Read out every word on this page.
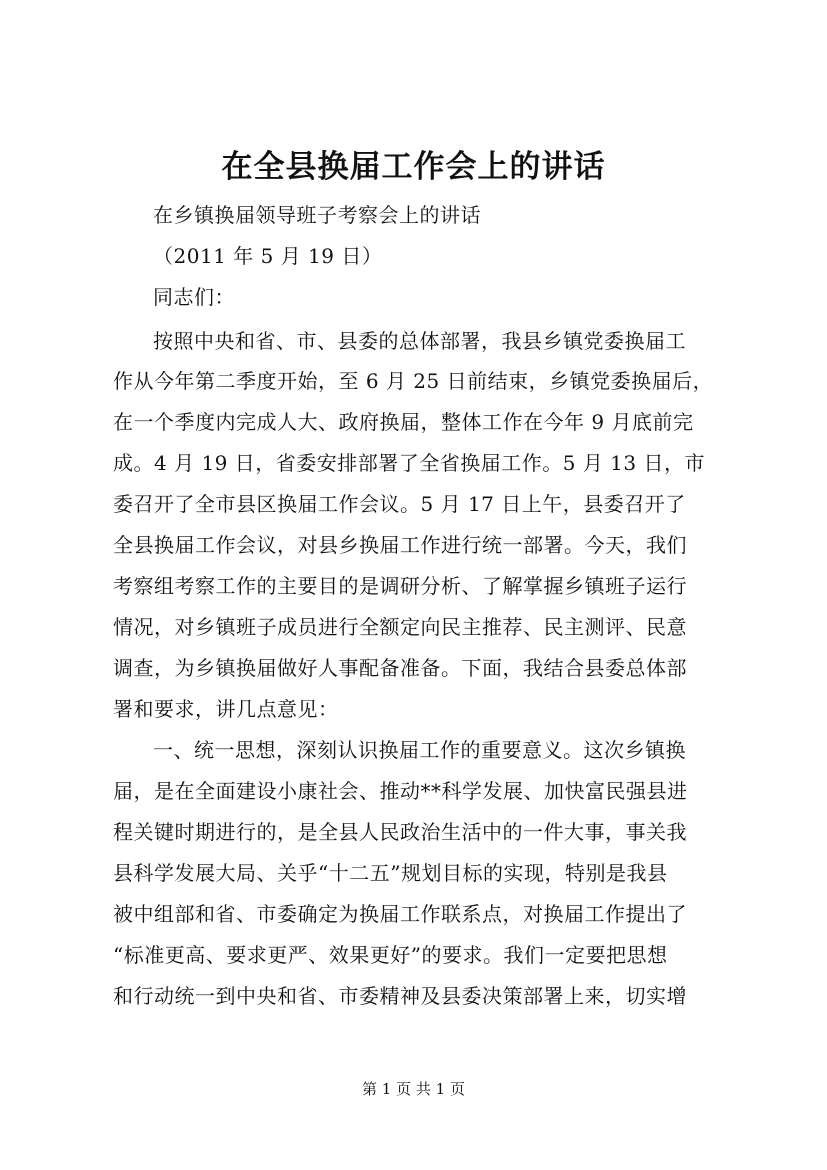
在全县换届工作会上的讲话
在乡镇换届领导班子考察会上的讲话
（2011 年 5 月 19 日）
同志们：
按照中央和省、市、县委的总体部署，我县乡镇党委换届工
作从今年第二季度开始，至 6 月 25 日前结束，乡镇党委换届后，
在一个季度内完成人大、政府换届，整体工作在今年 9 月底前完
成。4 月 19 日，省委安排部署了全省换届工作。5 月 13 日，市
委召开了全市县区换届工作会议。5 月 17 日上午，县委召开了
全县换届工作会议，对县乡换届工作进行统一部署。今天，我们
考察组考察工作的主要目的是调研分析、了解掌握乡镇班子运行
情况，对乡镇班子成员进行全额定向民主推荐、民主测评、民意
调查，为乡镇换届做好人事配备准备。下面，我结合县委总体部
署和要求，讲几点意见：
一、统一思想，深刻认识换届工作的重要意义。这次乡镇换
届，是在全面建设小康社会、推动**科学发展、加快富民强县进
程关键时期进行的，是全县人民政治生活中的一件大事，事关我
县科学发展大局、关乎“十二五”规划目标的实现，特别是我县
被中组部和省、市委确定为换届工作联系点，对换届工作提出了
“标准更高、要求更严、效果更好”的要求。我们一定要把思想
和行动统一到中央和省、市委精神及县委决策部署上来，切实增
第 1 页 共 1 页
